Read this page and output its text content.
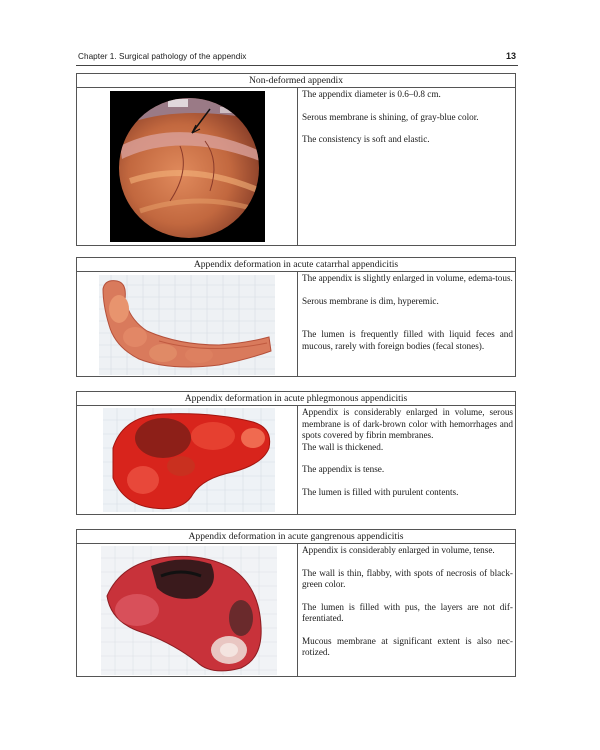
Chapter 1. Surgical pathology of the appendix	13
Non-deformed appendix

The appendix diameter is 0.6–0.8 cm.

Serous membrane is shining, of gray-blue color.

The consistency is soft and elastic.

Appendix deformation in acute catarrhal appendicitis

The appendix is slightly enlarged in volume, edema-tous.

Serous membrane is dim, hyperemic.

The lumen is frequently filled with liquid feces and mucous, rarely with foreign bodies (fecal stones).

Appendix deformation in acute phlegmonous appendicitis

Appendix is considerably enlarged in volume, serous membrane is of dark-brown color with hemorrhages and spots covered by fibrin membranes.

The wall is thickened.

The appendix is tense.

The lumen is filled with purulent contents.

Appendix deformation in acute gangrenous appendicitis

Appendix is considerably enlarged in volume, tense.

The wall is thin, flabby, with spots of necrosis of black-green color.

The lumen is filled with pus, the layers are not dif-ferentiated.

Mucous membrane at significant extent is also nec-rotized.
